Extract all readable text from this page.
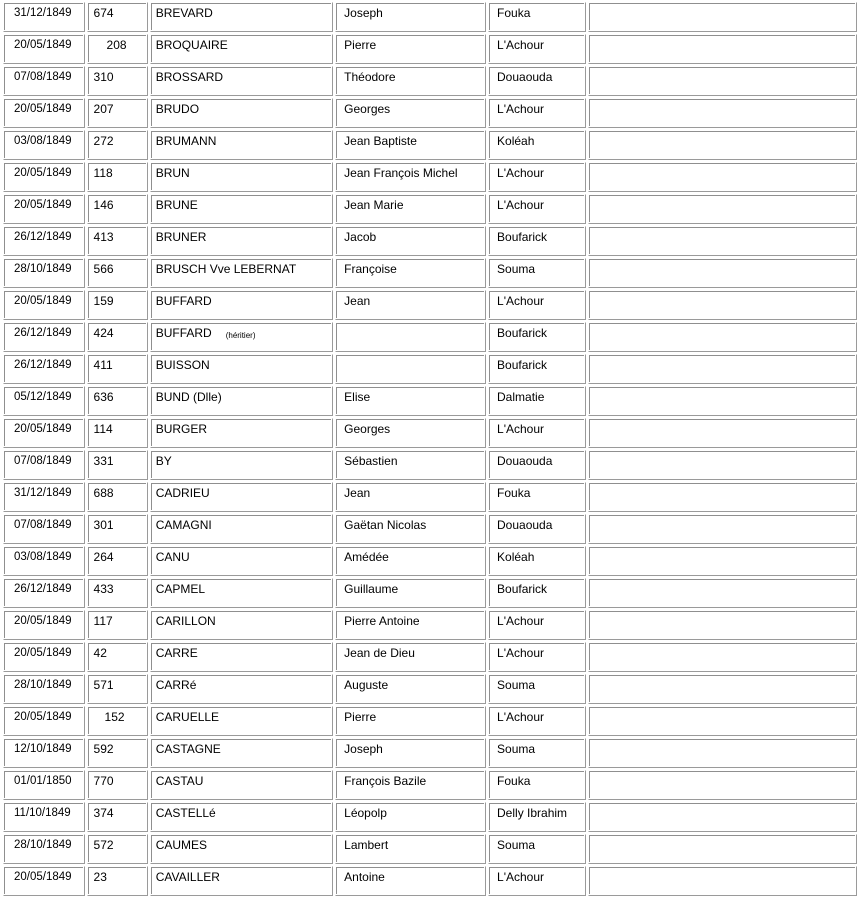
31/12/1849	674	BREVARD	Joseph	Fouka	
20/05/1849	208	BROQUAIRE	Pierre	L'Achour	
07/08/1849	310	BROSSARD	Théodore	Douaouda	
20/05/1849	207	BRUDO	Georges	L'Achour	
03/08/1849	272	BRUMANN	Jean Baptiste	Koléah	
20/05/1849	118	BRUN	Jean François Michel	L'Achour	
20/05/1849	146	BRUNE	Jean Marie	L'Achour	
26/12/1849	413	BRUNER	Jacob	Boufarick	
28/10/1849	566	BRUSCH Vve LEBERNAT	Françoise	Souma	
20/05/1849	159	BUFFARD	Jean	L'Achour	
26/12/1849	424	BUFFARD (héritier)		Boufarick	
26/12/1849	411	BUISSON		Boufarick	
05/12/1849	636	BUND (Dlle)	Elise	Dalmatie	
20/05/1849	114	BURGER	Georges	L'Achour	
07/08/1849	331	BY	Sébastien	Douaouda	
31/12/1849	688	CADRIEU	Jean	Fouka	
07/08/1849	301	CAMAGNI	Gaëtan Nicolas	Douaouda	
03/08/1849	264	CANU	Amédée	Koléah	
26/12/1849	433	CAPMEL	Guillaume	Boufarick	
20/05/1849	117	CARILLON	Pierre Antoine	L'Achour	
20/05/1849	42	CARRE	Jean de Dieu	L'Achour	
28/10/1849	571	CARRé	Auguste	Souma	
20/05/1849	152	CARUELLE	Pierre	L'Achour	
12/10/1849	592	CASTAGNE	Joseph	Souma	
01/01/1850	770	CASTAU	François Bazile	Fouka	
11/10/1849	374	CASTELLé	Léopolp	Delly Ibrahim	
28/10/1849	572	CAUMES	Lambert	Souma	
20/05/1849	23	CAVAILLER	Antoine	L'Achour	
